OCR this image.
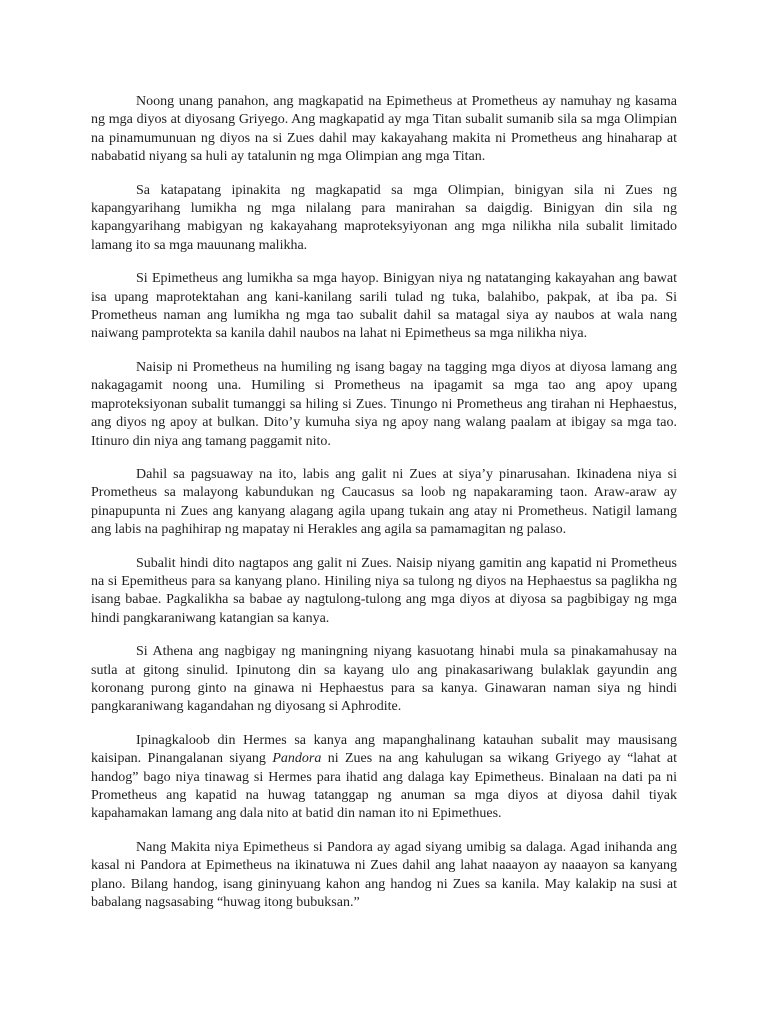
Noong unang panahon, ang magkapatid na Epimetheus at Prometheus ay namuhay ng kasama ng mga diyos at diyosang Griyego. Ang magkapatid ay mga Titan subalit sumanib sila sa mga Olimpian na pinamumunuan ng diyos na si Zues dahil may kakayahang makita ni Prometheus ang hinaharap at nababatid niyang sa huli ay tatalunin ng mga Olimpian ang mga Titan.

Sa katapatang ipinakita ng magkapatid sa mga Olimpian, binigyan sila ni Zues ng kapangyarihang lumikha ng mga nilalang para manirahan sa daigdig. Binigyan din sila ng kapangyarihang mabigyan ng kakayahang maproteksyiyonan ang mga nilikha nila subalit limitado lamang ito sa mga mauunang malikha.

Si Epimetheus ang lumikha sa mga hayop. Binigyan niya ng natatanging kakayahan ang bawat isa upang maprotektahan ang kani-kanilang sarili tulad ng tuka, balahibo, pakpak, at iba pa. Si Prometheus naman ang lumikha ng mga tao subalit dahil sa matagal siya ay naubos at wala nang naiwang pamprotekta sa kanila dahil naubos na lahat ni Epimetheus sa mga nilikha niya.

Naisip ni Prometheus na humiling ng isang bagay na tagging mga diyos at diyosa lamang ang nakagagamit noong una. Humiling si Prometheus na ipagamit sa mga tao ang apoy upang maproteksiyonan subalit tumanggi sa hiling si Zues. Tinungo ni Prometheus ang tirahan ni Hephaestus, ang diyos ng apoy at bulkan. Dito’y kumuha siya ng apoy nang walang paalam at ibigay sa mga tao. Itinuro din niya ang tamang paggamit nito.

Dahil sa pagsuaway na ito, labis ang galit ni Zues at siya’y pinarusahan. Ikinadena niya si Prometheus sa malayong kabundukan ng Caucasus sa loob ng napakaraming taon. Araw-araw ay pinapupunta ni Zues ang kanyang alagang agila upang tukain ang atay ni Prometheus. Natigil lamang ang labis na paghihirap ng mapatay ni Herakles ang agila sa pamamagitan ng palaso.

Subalit hindi dito nagtapos ang galit ni Zues. Naisip niyang gamitin ang kapatid ni Prometheus na si Epemitheus para sa kanyang plano. Hiniling niya sa tulong ng diyos na Hephaestus sa paglikha ng isang babae. Pagkalikha sa babae ay nagtulong-tulong ang mga diyos at diyosa sa pagbibigay ng mga hindi pangkaraniwang katangian sa kanya.

Si Athena ang nagbigay ng maningning niyang kasuotang hinabi mula sa pinakamahusay na sutla at gitong sinulid. Ipinutong din sa kayang ulo ang pinakasariwang bulaklak gayundin ang koronang purong ginto na ginawa ni Hephaestus para sa kanya. Ginawaran naman siya ng hindi pangkaraniwang kagandahan ng diyosang si Aphrodite.

Ipinagkaloob din Hermes sa kanya ang mapanghalinang katauhan subalit may mausisang kaisipan. Pinangalanan siyang Pandora ni Zues na ang kahulugan sa wikang Griyego ay “lahat at handog” bago niya tinawag si Hermes para ihatid ang dalaga kay Epimetheus. Binalaan na dati pa ni Prometheus ang kapatid na huwag tatanggap ng anuman sa mga diyos at diyosa dahil tiyak kapahamakan lamang ang dala nito at batid din naman ito ni Epimethues.

Nang Makita niya Epimetheus si Pandora ay agad siyang umibig sa dalaga. Agad inihanda ang kasal ni Pandora at Epimetheus na ikinatuwa ni Zues dahil ang lahat naaayon ay naaayon sa kanyang plano. Bilang handog, isang gininyuang kahon ang handog ni Zues sa kanila. May kalakip na susi at babalang nagsasabing “huwag itong bubuksan.”
